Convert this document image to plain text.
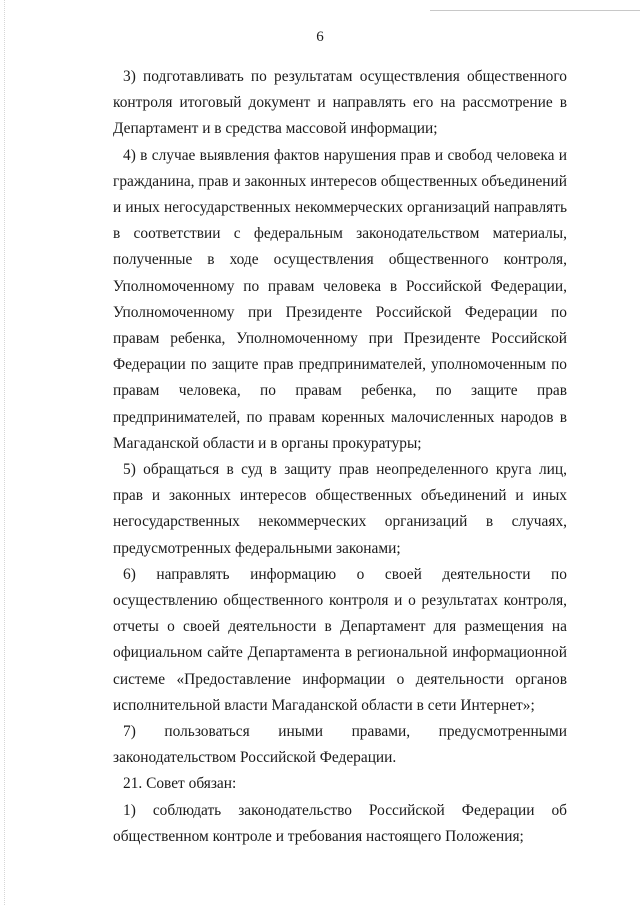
6

3) подготавливать по результатам осуществления общественного контроля итоговый документ и направлять его на рассмотрение в Департамент и в средства массовой информации;

4) в случае выявления фактов нарушения прав и свобод человека и гражданина, прав и законных интересов общественных объединений и иных негосударственных некоммерческих организаций направлять в соответствии с федеральным законодательством материалы, полученные в ходе осуществления общественного контроля, Уполномоченному по правам человека в Российской Федерации, Уполномоченному при Президенте Российской Федерации по правам ребенка, Уполномоченному при Президенте Российской Федерации по защите прав предпринимателей, уполномоченным по правам человека, по правам ребенка, по защите прав предпринимателей, по правам коренных малочисленных народов в Магаданской области и в органы прокуратуры;

5) обращаться в суд в защиту прав неопределенного круга лиц, прав и законных интересов общественных объединений и иных негосударственных некоммерческих организаций в случаях, предусмотренных федеральными законами;

6) направлять информацию о своей деятельности по осуществлению общественного контроля и о результатах контроля, отчеты о своей деятельности в Департамент для размещения на официальном сайте Департамента в региональной информационной системе «Предоставление информации о деятельности органов исполнительной власти Магаданской области в сети Интернет»;

7) пользоваться иными правами, предусмотренными законодательством Российской Федерации.

21. Совет обязан:

1) соблюдать законодательство Российской Федерации об общественном контроле и требования настоящего Положения;
